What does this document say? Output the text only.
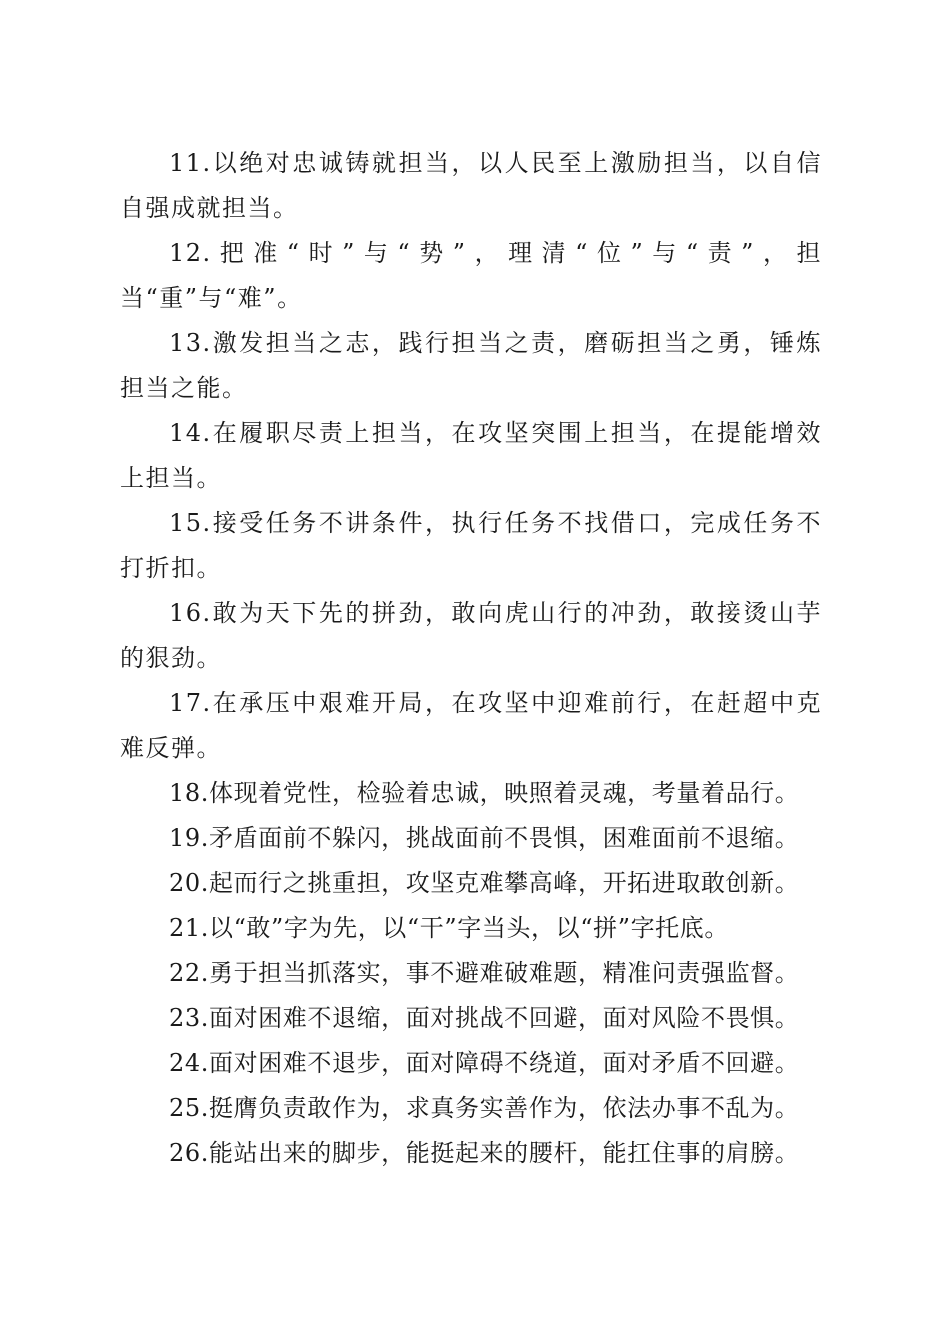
11.以绝对忠诚铸就担当，以人民至上激励担当，以自信自强成就担当。

12.把准“时”与“势”，理清“位”与“责”，担当“重”与“难”。

13.激发担当之志，践行担当之责，磨砺担当之勇，锤炼担当之能。

14.在履职尽责上担当，在攻坚突围上担当，在提能增效上担当。

15.接受任务不讲条件，执行任务不找借口，完成任务不打折扣。

16.敢为天下先的拼劲，敢向虎山行的冲劲，敢接烫山芋的狠劲。

17.在承压中艰难开局，在攻坚中迎难前行，在赶超中克难反弹。

18.体现着党性，检验着忠诚，映照着灵魂，考量着品行。

19.矛盾面前不躲闪，挑战面前不畏惧，困难面前不退缩。

20.起而行之挑重担，攻坚克难攀高峰，开拓进取敢创新。

21.以“敢”字为先，以“干”字当头，以“拼”字托底。

22.勇于担当抓落实，事不避难破难题，精准问责强监督。

23.面对困难不退缩，面对挑战不回避，面对风险不畏惧。

24.面对困难不退步，面对障碍不绕道，面对矛盾不回避。

25.挺膺负责敢作为，求真务实善作为，依法办事不乱为。

26.能站出来的脚步，能挺起来的腰杆，能扛住事的肩膀。
